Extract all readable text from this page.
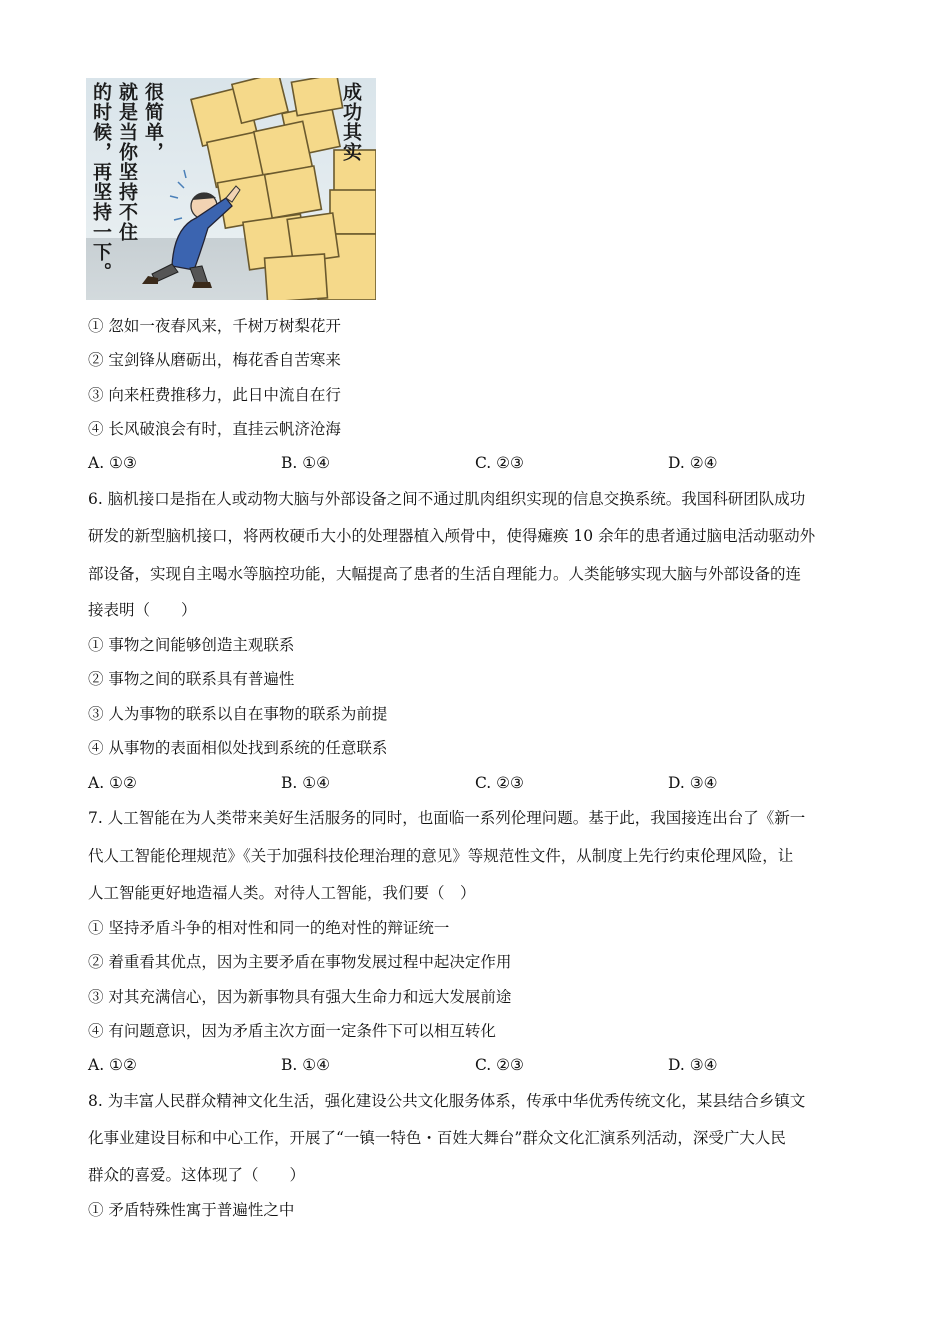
成功其实
很简单，
就是当你坚持不住
的时候，再坚持一下。
① 忽如一夜春风来，千树万树梨花开
② 宝剑锋从磨砺出，梅花香自苦寒来
③ 向来枉费推移力，此日中流自在行
④ 长风破浪会有时，直挂云帆济沧海
A. ①③	B. ①④	C. ②③	D. ②④
6. 脑机接口是指在人或动物大脑与外部设备之间不通过肌肉组织实现的信息交换系统。我国科研团队成功
研发的新型脑机接口，将两枚硬币大小的处理器植入颅骨中，使得瘫痪 10 余年的患者通过脑电活动驱动外
部设备，实现自主喝水等脑控功能，大幅提高了患者的生活自理能力。人类能够实现大脑与外部设备的连
接表明（　　）
① 事物之间能够创造主观联系
② 事物之间的联系具有普遍性
③ 人为事物的联系以自在事物的联系为前提
④ 从事物的表面相似处找到系统的任意联系
A. ①②	B. ①④	C. ②③	D. ③④
7. 人工智能在为人类带来美好生活服务的同时，也面临一系列伦理问题。基于此，我国接连出台了《新一
代人工智能伦理规范》《关于加强科技伦理治理的意见》等规范性文件，从制度上先行约束伦理风险，让
人工智能更好地造福人类。对待人工智能，我们要（　）
① 坚持矛盾斗争的相对性和同一的绝对性的辩证统一
② 着重看其优点，因为主要矛盾在事物发展过程中起决定作用
③ 对其充满信心，因为新事物具有强大生命力和远大发展前途
④ 有问题意识，因为矛盾主次方面一定条件下可以相互转化
A. ①②	B. ①④	C. ②③	D. ③④
8. 为丰富人民群众精神文化生活，强化建设公共文化服务体系，传承中华优秀传统文化，某县结合乡镇文
化事业建设目标和中心工作，开展了“一镇一特色・百姓大舞台”群众文化汇演系列活动，深受广大人民
群众的喜爱。这体现了（　　）
① 矛盾特殊性寓于普遍性之中
